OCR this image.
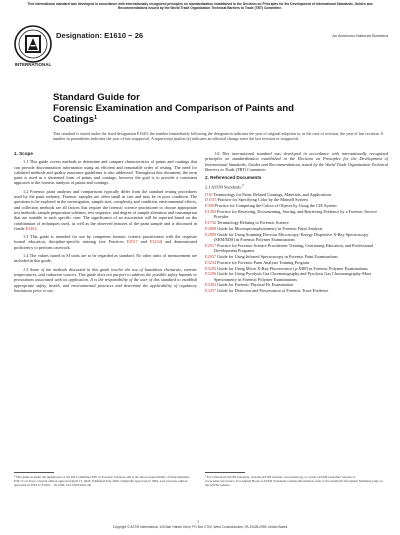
This international standard was developed in accordance with internationally recognized principles on standardization established in the Decision on Principles for the Development of International Standards, Guides and Recommendations issued by the World Trade Organization Technical Barriers to Trade (TBT) Committee.
INTERNATIONAL
Designation: E1610 − 26	An American National Standard
Standard Guide for
Forensic Examination and Comparison of Paints and
Coatings$^1$
This standard is issued under the fixed designation E1610; the number immediately following the designation indicates the year of original adoption or, in the case of revision, the year of last revision. A number in parentheses indicates the year of last reapproval. A superscript epsilon (ε) indicates an editorial change since the last revision or reapproval.
1. Scope

1.1 This guide covers methods to determine and compare characteristics of paints and coatings that can provide discrimination information using an efficient and reasonable order of testing. The need for validated methods and quality assurance guidelines is also addressed. Throughout this document, the term paint is used as a shortened form of paints and coatings, however the goal is to provide a consistent approach to the forensic analysis of paints and coatings.

1.2 Forensic paint analyses and comparisons typically differ from the standard testing procedures used by the paint industry. Forensic samples are often small in size and may be in poor condition. The questions to be explored in the investigation, sample size, complexity and condition, environmental effects, and collection methods are all factors that require the forensic science practitioner to choose appropriate test methods, sample preparation schemes, test sequence, and degree of sample alteration and consumption that are suitable to each specific case. The significance of an association will be reported based on the combination of techniques used, as well as the observed features of the paint sample and is discussed in Guide E3462.

1.3 This guide is intended for use by competent forensic science practitioners with the requisite formal education, discipline-specific training (see Practices E2917 and E3234) and demonstrated proficiency to perform casework.

1.4 The values stated in SI units are to be regarded as standard. No other units of measurement are included in this guide.

1.5 Some of the methods discussed in this guide involve the use of hazardous chemicals, extreme temperatures, and radiation sources. This guide does not purport to address the possible safety hazards or precautions associated with its application. It is the responsibility of the user of this standard to establish appropriate safety, health, and environmental practices and determine the applicability of regulatory limitations prior to use.

1.6 This international standard was developed in accordance with internationally recognized principles on standardization established in the Decision on Principles for the Development of International Standards, Guides and Recommendations issued by the World Trade Organization Technical Barriers to Trade (TBT) Committee.

2. Referenced Documents
2.1 ASTM Standards:$^2$
D16 Terminology for Paint, Related Coatings, Materials, and Applications
D1535 Practice for Specifying Color by the Munsell System
E308 Practice for Computing the Colors of Objects by Using the CIE System
E1492 Practice for Receiving, Documenting, Storing, and Retrieving Evidence by a Forensic Service Provider
E1732 Terminology Relating to Forensic Science
E2808 Guide for Microspectrophotometry in Forensic Paint Analysis
E2809 Guide for Using Scanning Electron Microscopy/ Energy Dispersive X-Ray Spectroscopy (SEM/EDS) in Forensic Polymer Examinations
E2917 Practice for Forensic Science Practitioner Training, Continuing Education, and Professional Development Programs
E2937 Guide for Using Infrared Spectroscopy in Forensic Paint Examinations
E3234 Practice for Forensic Paint Analysis Training Program
E3295 Guide for Using Micro X-Ray Fluorescence (μ-XRF) in Forensic Polymer Examinations
E3296 Guide for Using Pyrolysis Gas Chromatography and Pyrolysis Gas Chromatography-Mass Spectrometry in Forensic Polymer Examinations
E3392 Guide for Forensic Physical Fit Examination
E3457 Guide for Detection and Preservation of Forensic Trace Evidence
¹ This guide is under the jurisdiction of ASTM Committee E30 on Forensic Sciences and is the direct responsibility of Subcommittee E30.15 on Trace. Current edition approved April 15, 2026. Published July 2026. Originally approved in 1994. Last previous edition approved in 2018 as E1610 – 18. DOI: 10.1520/E1610-26.
² For referenced ASTM standards, visit the ASTM website, www.astm.org, or contact ASTM Customer Service at www.astm.org/contact. For Annual Book of ASTM Standards volume information, refer to the standard's Document Summary page on the ASTM website.
1
Copyright © ASTM International, 100 Barr Harbor Drive, PO Box C700, West Conshohocken, PA 19428-2959. United States
